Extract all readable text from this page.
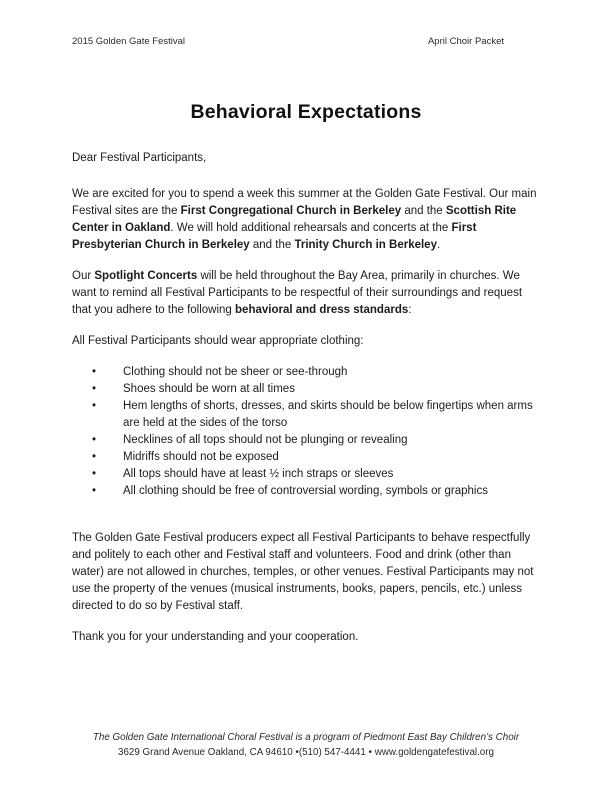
2015 Golden Gate Festival	April Choir Packet
Behavioral Expectations

Dear Festival Participants,

We are excited for you to spend a week this summer at the Golden Gate Festival. Our main Festival sites are the First Congregational Church in Berkeley and the Scottish Rite Center in Oakland. We will hold additional rehearsals and concerts at the First Presbyterian Church in Berkeley and the Trinity Church in Berkeley.

Our Spotlight Concerts will be held throughout the Bay Area, primarily in churches. We want to remind all Festival Participants to be respectful of their surroundings and request that you adhere to the following behavioral and dress standards:

All Festival Participants should wear appropriate clothing:

• Clothing should not be sheer or see-through
• Shoes should be worn at all times
• Hem lengths of shorts, dresses, and skirts should be below fingertips when arms are held at the sides of the torso
• Necklines of all tops should not be plunging or revealing
• Midriffs should not be exposed
• All tops should have at least ½ inch straps or sleeves
• All clothing should be free of controversial wording, symbols or graphics

The Golden Gate Festival producers expect all Festival Participants to behave respectfully and politely to each other and Festival staff and volunteers. Food and drink (other than water) are not allowed in churches, temples, or other venues. Festival Participants may not use the property of the venues (musical instruments, books, papers, pencils, etc.) unless directed to do so by Festival staff.

Thank you for your understanding and your cooperation.

The Golden Gate International Choral Festival is a program of Piedmont East Bay Children’s Choir
3629 Grand Avenue Oakland, CA 94610 •(510) 547-4441 • www.goldengatefestival.org
